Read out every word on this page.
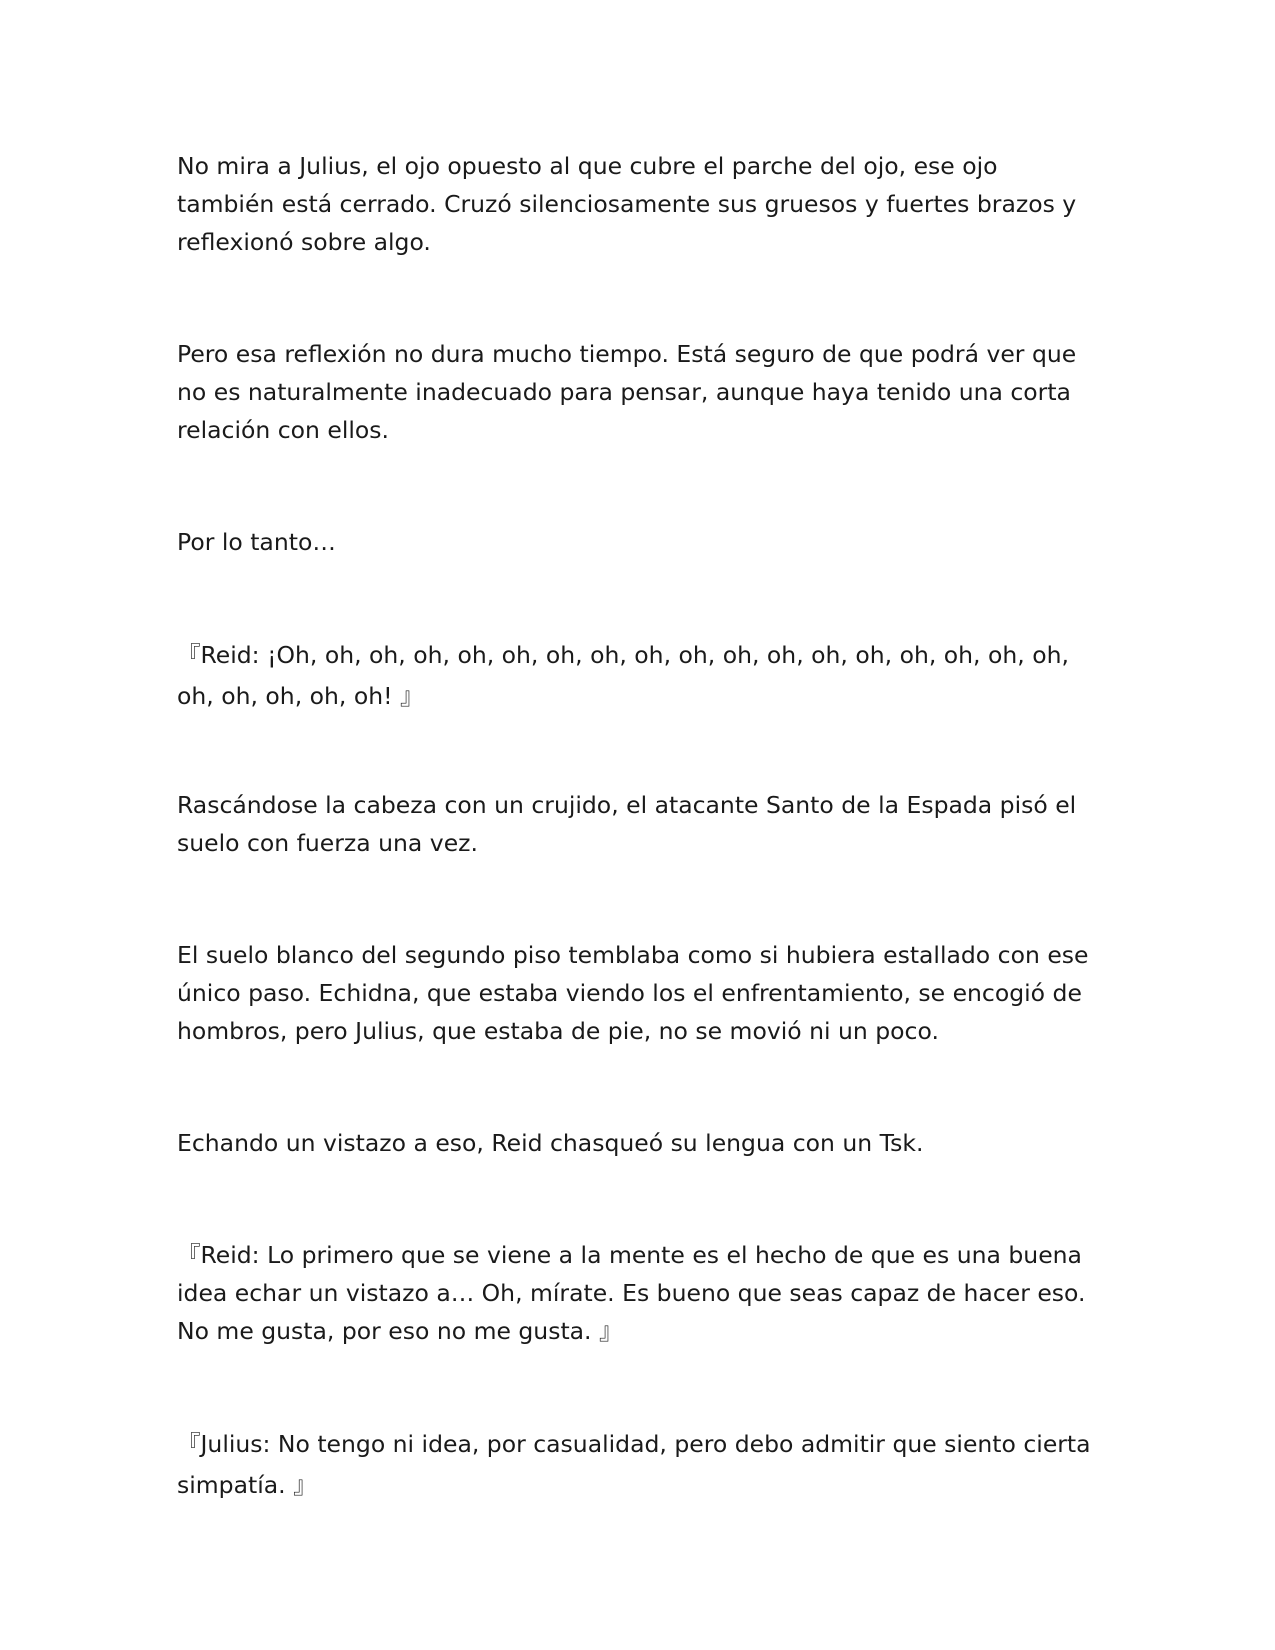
No mira a Julius, el ojo opuesto al que cubre el parche del ojo, ese ojo también está cerrado. Cruzó silenciosamente sus gruesos y fuertes brazos y reflexionó sobre algo.

Pero esa reflexión no dura mucho tiempo. Está seguro de que podrá ver que no es naturalmente inadecuado para pensar, aunque haya tenido una corta relación con ellos.

Por lo tanto…

『Reid: ¡Oh, oh, oh, oh, oh, oh, oh, oh, oh, oh, oh, oh, oh, oh, oh, oh, oh, oh, oh, oh, oh, oh, oh! 』

Rascándose la cabeza con un crujido, el atacante Santo de la Espada pisó el suelo con fuerza una vez.

El suelo blanco del segundo piso temblaba como si hubiera estallado con ese único paso. Echidna, que estaba viendo los el enfrentamiento, se encogió de hombros, pero Julius, que estaba de pie, no se movió ni un poco.

Echando un vistazo a eso, Reid chasqueó su lengua con un Tsk.

『Reid: Lo primero que se viene a la mente es el hecho de que es una buena idea echar un vistazo a… Oh, mírate. Es bueno que seas capaz de hacer eso. No me gusta, por eso no me gusta. 』

『Julius: No tengo ni idea, por casualidad, pero debo admitir que siento cierta simpatía. 』
